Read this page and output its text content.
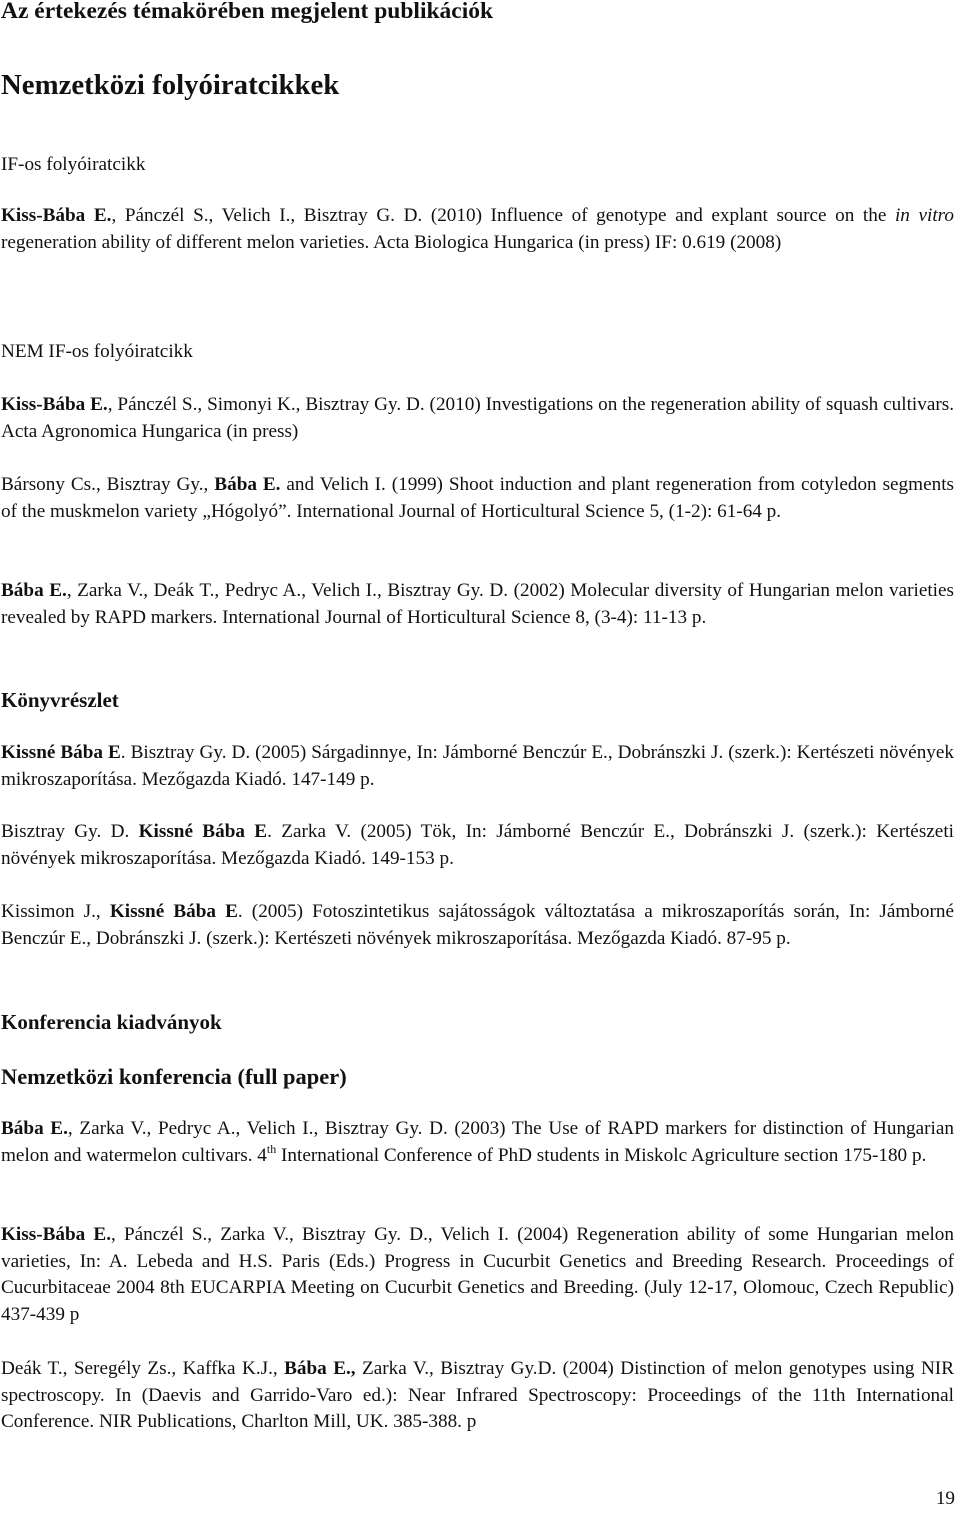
Az értekezés témakörében megjelent publikációk
Nemzetközi folyóiratcikkek
IF-os folyóiratcikk

Kiss-Bába E., Pánczél S., Velich I., Bisztray G. D. (2010) Influence of genotype and explant source on the in vitro regeneration ability of different melon varieties. Acta Biologica Hungarica (in press) IF: 0.619 (2008)

NEM IF-os folyóiratcikk

Kiss-Bába E., Pánczél S., Simonyi K., Bisztray Gy. D. (2010) Investigations on the regeneration ability of squash cultivars. Acta Agronomica Hungarica (in press)

Bársony Cs., Bisztray Gy., Bába E. and Velich I. (1999) Shoot induction and plant regeneration from cotyledon segments of the muskmelon variety „Hógolyó”. International Journal of Horticultural Science 5, (1-2): 61-64 p.

Bába E., Zarka V., Deák T., Pedryc A., Velich I., Bisztray Gy. D. (2002) Molecular diversity of Hungarian melon varieties revealed by RAPD markers. International Journal of Horticultural Science 8, (3-4): 11-13 p.

Könyvrészlet

Kissné Bába E. Bisztray Gy. D. (2005) Sárgadinnye, In: Jámborné Benczúr E., Dobránszki J. (szerk.): Kertészeti növények mikroszaporítása. Mezőgazda Kiadó. 147-149 p.

Bisztray Gy. D. Kissné Bába E. Zarka V. (2005) Tök, In: Jámborné Benczúr E., Dobránszki J. (szerk.): Kertészeti növények mikroszaporítása. Mezőgazda Kiadó. 149-153 p.

Kissimon J., Kissné Bába E. (2005) Fotoszintetikus sajátosságok változtatása a mikroszaporítás során, In: Jámborné Benczúr E., Dobránszki J. (szerk.): Kertészeti növények mikroszaporítása. Mezőgazda Kiadó. 87-95 p.

Konferencia kiadványok
Nemzetközi konferencia (full paper)

Bába E., Zarka V., Pedryc A., Velich I., Bisztray Gy. D. (2003) The Use of RAPD markers for distinction of Hungarian melon and watermelon cultivars. 4th International Conference of PhD students in Miskolc Agriculture section 175-180 p.

Kiss-Bába E., Pánczél S., Zarka V., Bisztray Gy. D., Velich I. (2004) Regeneration ability of some Hungarian melon varieties, In: A. Lebeda and H.S. Paris (Eds.) Progress in Cucurbit Genetics and Breeding Research. Proceedings of Cucurbitaceae 2004 8th EUCARPIA Meeting on Cucurbit Genetics and Breeding. (July 12-17, Olomouc, Czech Republic) 437-439 p

Deák T., Seregély Zs., Kaffka K.J., Bába E., Zarka V., Bisztray Gy.D. (2004) Distinction of melon genotypes using NIR spectroscopy. In (Daevis and Garrido-Varo ed.): Near Infrared Spectroscopy: Proceedings of the 11th International Conference. NIR Publications, Charlton Mill, UK. 385-388. p

19
